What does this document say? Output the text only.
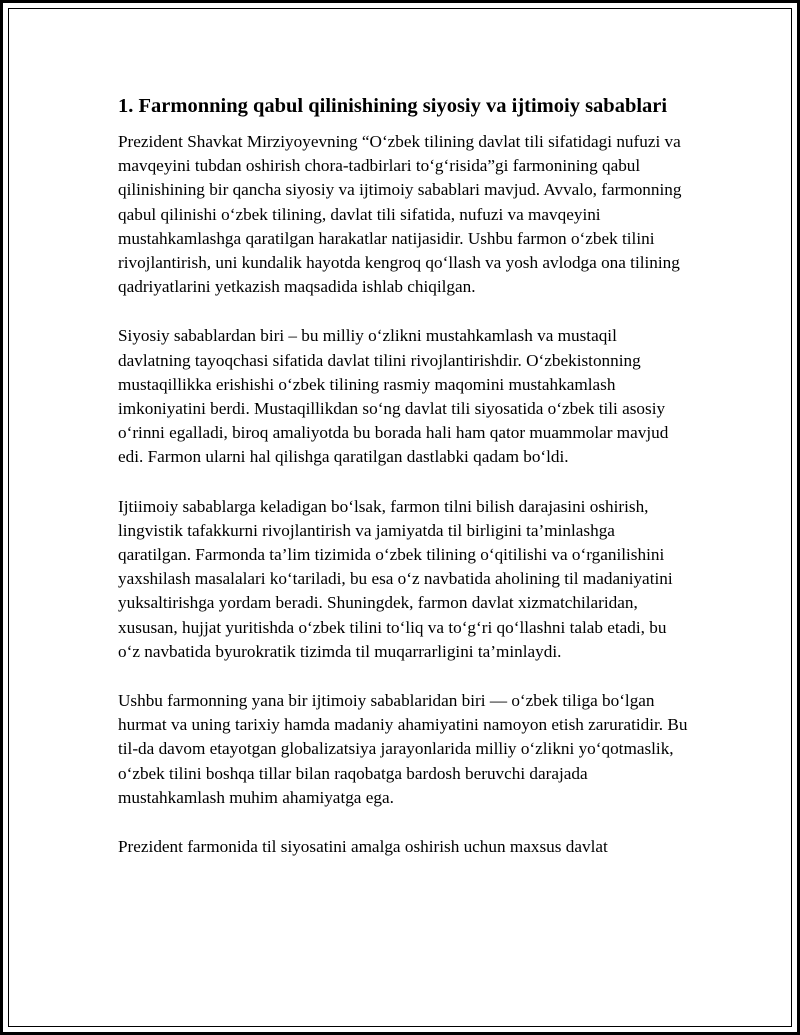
1. Farmonning qabul qilinishining siyosiy va ijtimoiy sabablari

Prezident Shavkat Mirziyoyevning “O‘zbek tilining davlat tili sifatidagi nufuzi va mavqeyini tubdan oshirish chora-tadbirlari to‘g‘risida”gi farmonining qabul qilinishining bir qancha siyosiy va ijtimoiy sabablari mavjud. Avvalo, farmonning qabul qilinishi o‘zbek tilining, davlat tili sifatida, nufuzi va mavqeyini mustahkamlashga qaratilgan harakatlar natijasidir. Ushbu farmon o‘zbek tilini rivojlantirish, uni kundalik hayotda kengroq qo‘llash va yosh avlodga ona tilining qadriyatlarini yetkazish maqsadida ishlab chiqilgan.

Siyosiy sabablardan biri – bu milliy o‘zlikni mustahkamlash va mustaqil davlatning tayoqchasi sifatida davlat tilini rivojlantirishdir. O‘zbekistonning mustaqillikka erishishi o‘zbek tilining rasmiy maqomini mustahkamlash imkoniyatini berdi. Mustaqillikdan so‘ng davlat tili siyosatida o‘zbek tili asosiy o‘rinni egalladi, biroq amaliyotda bu borada hali ham qator muammolar mavjud edi. Farmon ularni hal qilishga qaratilgan dastlabki qadam bo‘ldi.

Ijtiimoiy sabablarga keladigan bo‘lsak, farmon tilni bilish darajasini oshirish, lingvistik tafakkurni rivojlantirish va jamiyatda til birligini ta’minlashga qaratilgan. Farmonda ta’lim tizimida o‘zbek tilining o‘qitilishi va o‘rganilishini yaxshilash masalalari ko‘tariladi, bu esa o‘z navbatida aholining til madaniyatini yuksaltirishga yordam beradi. Shuningdek, farmon davlat xizmatchilaridan, xususan, hujjat yuritishda o‘zbek tilini to‘liq va to‘g‘ri qo‘llashni talab etadi, bu o‘z navbatida byurokratik tizimda til muqarrarligini ta’minlaydi.

Ushbu farmonning yana bir ijtimoiy sabablaridan biri — o‘zbek tiliga bo‘lgan hurmat va uning tarixiy hamda madaniy ahamiyatini namoyon etish zaruratidir. Bu til-da davom etayotgan globalizatsiya jarayonlarida milliy o‘zlikni yo‘qotmaslik, o‘zbek tilini boshqa tillar bilan raqobatga bardosh beruvchi darajada mustahkamlash muhim ahamiyatga ega.

Prezident farmonida til siyosatini amalga oshirish uchun maxsus davlat
